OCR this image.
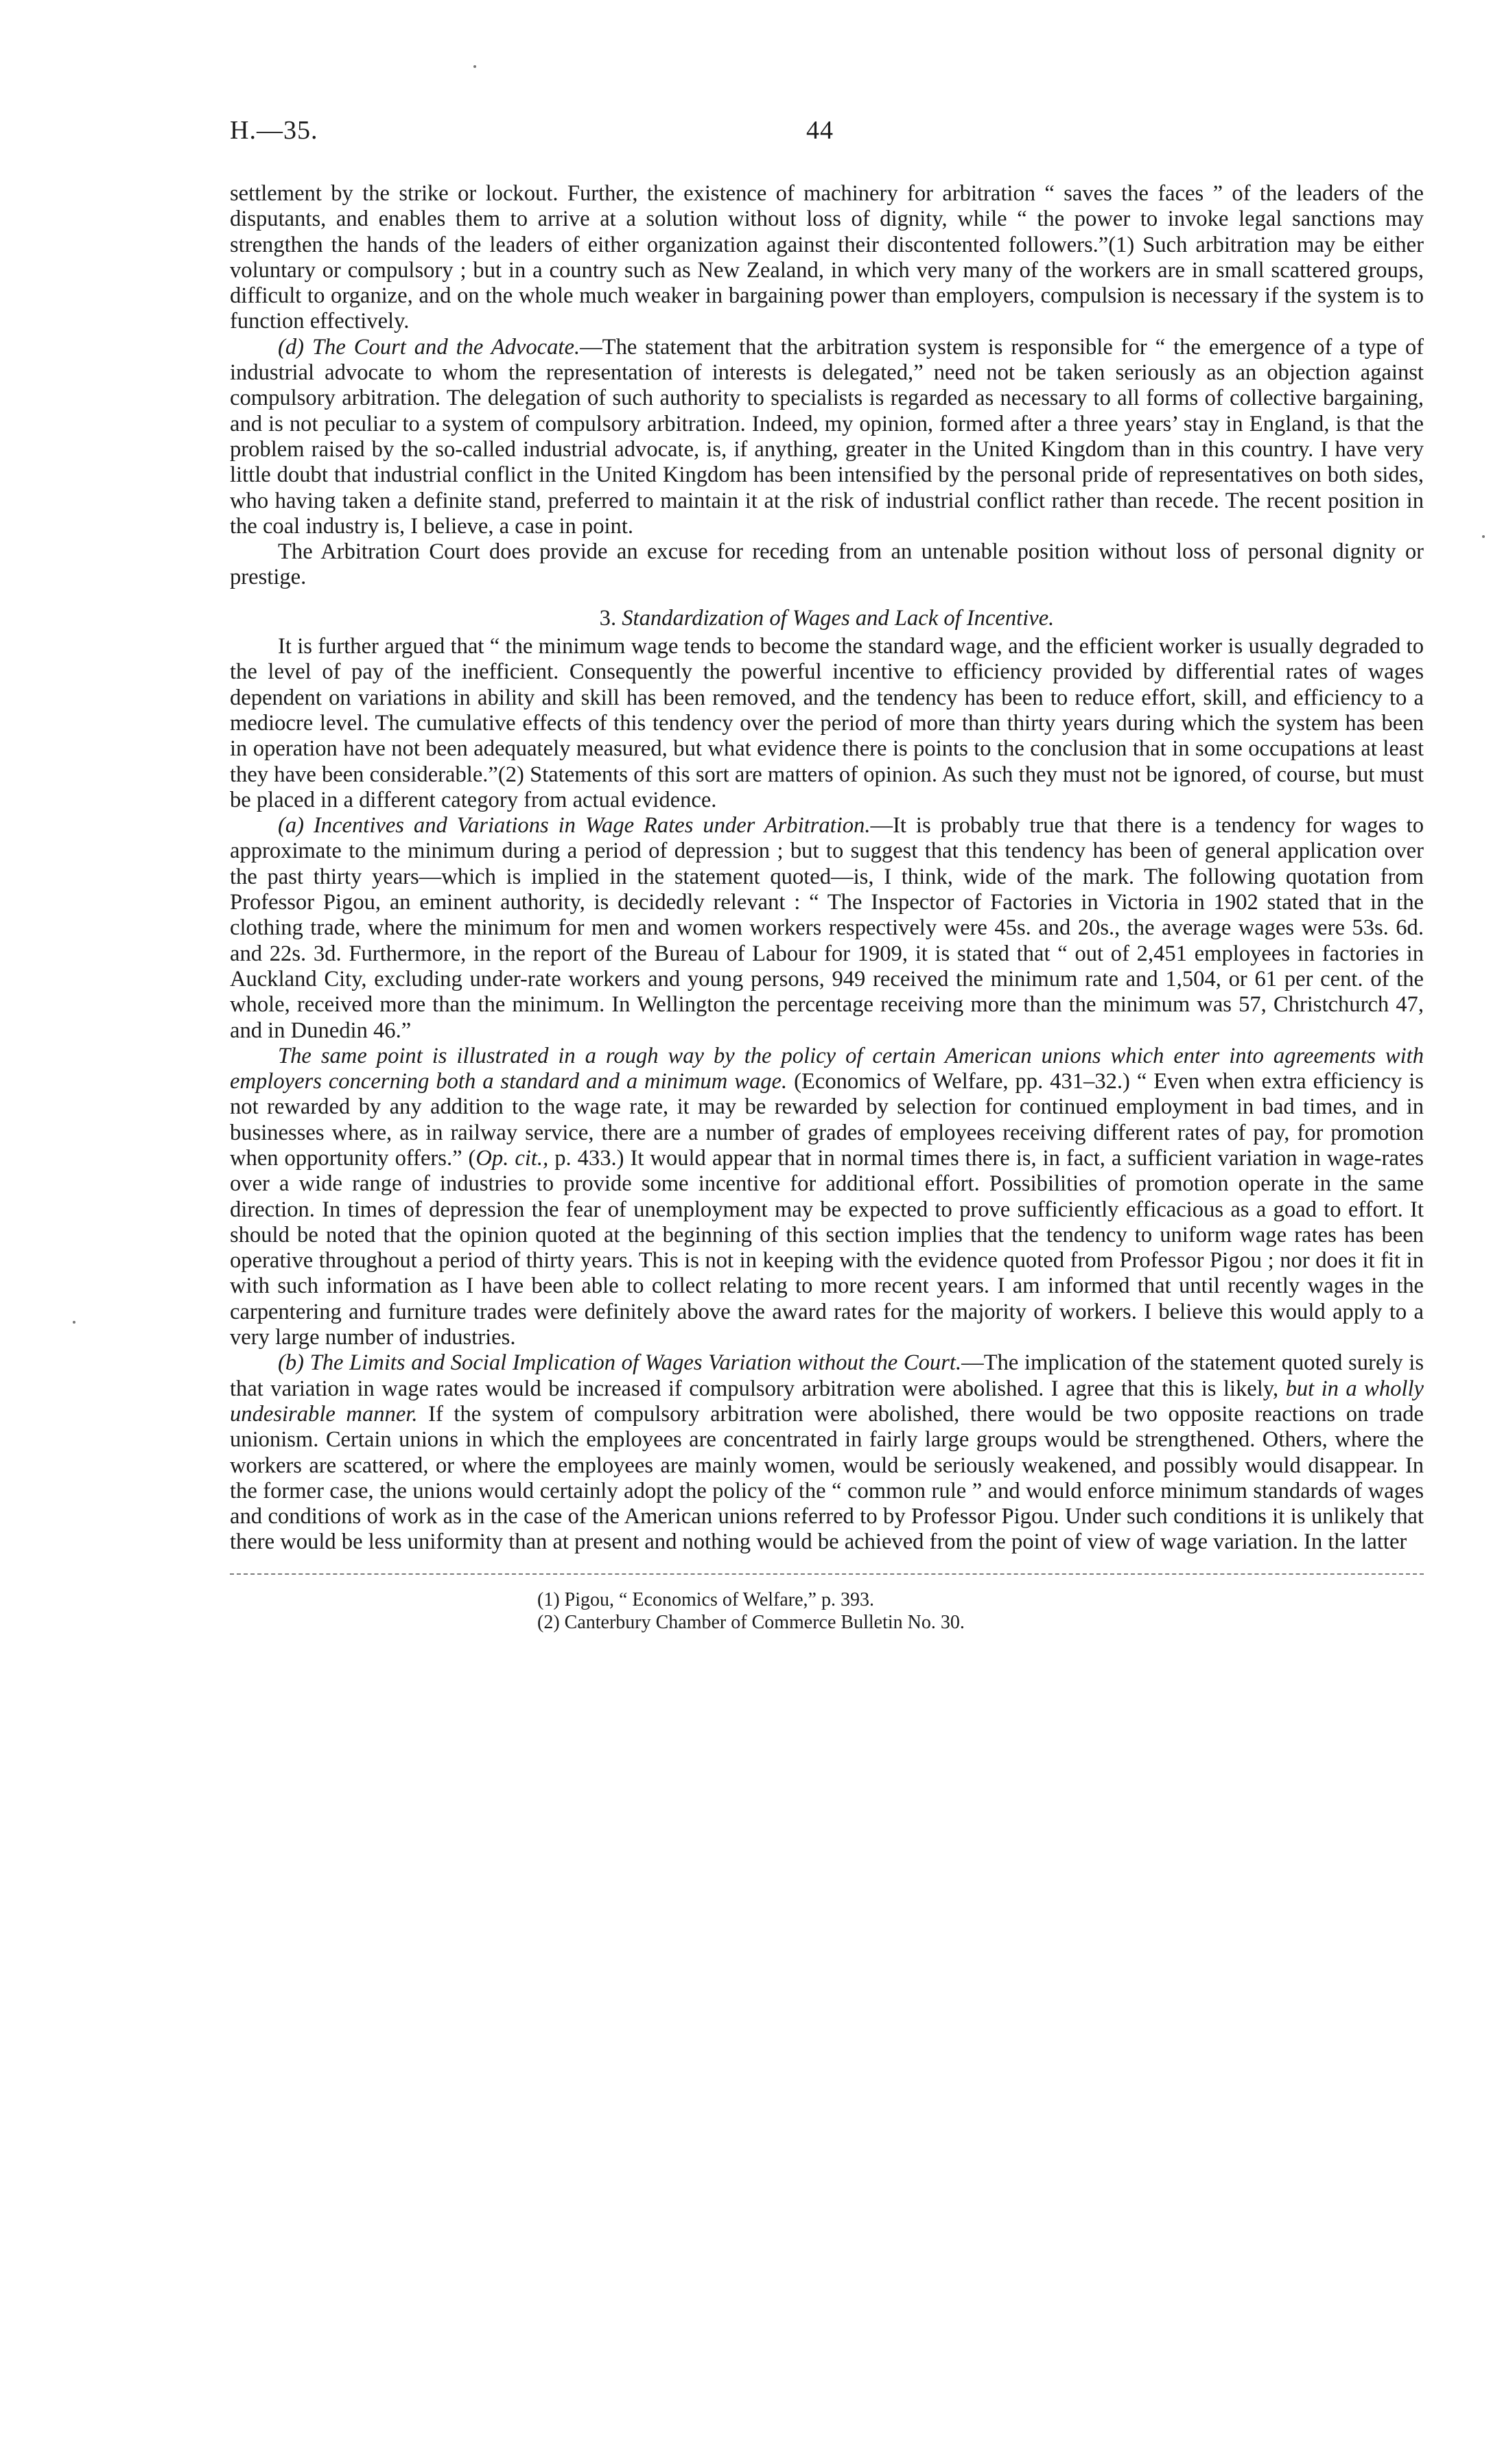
H.—35.	44

settlement by the strike or lockout. Further, the existence of machinery for arbitration “ saves the faces ” of the leaders of the disputants, and enables them to arrive at a solution without loss of dignity, while “ the power to invoke legal sanctions may strengthen the hands of the leaders of either organization against their discontented followers.”(1) Such arbitration may be either voluntary or compulsory ; but in a country such as New Zealand, in which very many of the workers are in small scattered groups, difficult to organize, and on the whole much weaker in bargaining power than employers, compulsion is necessary if the system is to function effectively.

(d) The Court and the Advocate.—The statement that the arbitration system is responsible for “ the emergence of a type of industrial advocate to whom the representation of interests is delegated,” need not be taken seriously as an objection against compulsory arbitration. The delegation of such authority to specialists is regarded as necessary to all forms of collective bargaining, and is not peculiar to a system of compulsory arbitration. Indeed, my opinion, formed after a three years’ stay in England, is that the problem raised by the so-called industrial advocate, is, if anything, greater in the United Kingdom than in this country. I have very little doubt that industrial conflict in the United Kingdom has been intensified by the personal pride of representatives on both sides, who having taken a definite stand, preferred to maintain it at the risk of industrial conflict rather than recede. The recent position in the coal industry is, I believe, a case in point.

The Arbitration Court does provide an excuse for receding from an untenable position without loss of personal dignity or prestige.

3. Standardization of Wages and Lack of Incentive.

It is further argued that “ the minimum wage tends to become the standard wage, and the efficient worker is usually degraded to the level of pay of the inefficient. Consequently the powerful incentive to efficiency provided by differential rates of wages dependent on variations in ability and skill has been removed, and the tendency has been to reduce effort, skill, and efficiency to a mediocre level. The cumulative effects of this tendency over the period of more than thirty years during which the system has been in operation have not been adequately measured, but what evidence there is points to the conclusion that in some occupations at least they have been considerable.”(2) Statements of this sort are matters of opinion. As such they must not be ignored, of course, but must be placed in a different category from actual evidence.

(a) Incentives and Variations in Wage Rates under Arbitration.—It is probably true that there is a tendency for wages to approximate to the minimum during a period of depression ; but to suggest that this tendency has been of general application over the past thirty years—which is implied in the statement quoted—is, I think, wide of the mark. The following quotation from Professor Pigou, an eminent authority, is decidedly relevant : “ The Inspector of Factories in Victoria in 1902 stated that in the clothing trade, where the minimum for men and women workers respectively were 45s. and 20s., the average wages were 53s. 6d. and 22s. 3d. Furthermore, in the report of the Bureau of Labour for 1909, it is stated that “ out of 2,451 employees in factories in Auckland City, excluding under-rate workers and young persons, 949 received the minimum rate and 1,504, or 61 per cent. of the whole, received more than the minimum. In Wellington the percentage receiving more than the minimum was 57, Christchurch 47, and in Dunedin 46.”

The same point is illustrated in a rough way by the policy of certain American unions which enter into agreements with employers concerning both a standard and a minimum wage. (Economics of Welfare, pp. 431–32.) “ Even when extra efficiency is not rewarded by any addition to the wage rate, it may be rewarded by selection for continued employment in bad times, and in businesses where, as in railway service, there are a number of grades of employees receiving different rates of pay, for promotion when opportunity offers.” (Op. cit., p. 433.) It would appear that in normal times there is, in fact, a sufficient variation in wage-rates over a wide range of industries to provide some incentive for additional effort. Possibilities of promotion operate in the same direction. In times of depression the fear of unemployment may be expected to prove sufficiently efficacious as a goad to effort. It should be noted that the opinion quoted at the beginning of this section implies that the tendency to uniform wage rates has been operative throughout a period of thirty years. This is not in keeping with the evidence quoted from Professor Pigou ; nor does it fit in with such information as I have been able to collect relating to more recent years. I am informed that until recently wages in the carpentering and furniture trades were definitely above the award rates for the majority of workers. I believe this would apply to a very large number of industries.

(b) The Limits and Social Implication of Wages Variation without the Court.—The implication of the statement quoted surely is that variation in wage rates would be increased if compulsory arbitration were abolished. I agree that this is likely, but in a wholly undesirable manner. If the system of compulsory arbitration were abolished, there would be two opposite reactions on trade unionism. Certain unions in which the employees are concentrated in fairly large groups would be strengthened. Others, where the workers are scattered, or where the employees are mainly women, would be seriously weakened, and possibly would disappear. In the former case, the unions would certainly adopt the policy of the “ common rule ” and would enforce minimum standards of wages and conditions of work as in the case of the American unions referred to by Professor Pigou. Under such conditions it is unlikely that there would be less uniformity than at present and nothing would be achieved from the point of view of wage variation. In the latter

(1) Pigou, “ Economics of Welfare,” p. 393.

(2) Canterbury Chamber of Commerce Bulletin No. 30.
